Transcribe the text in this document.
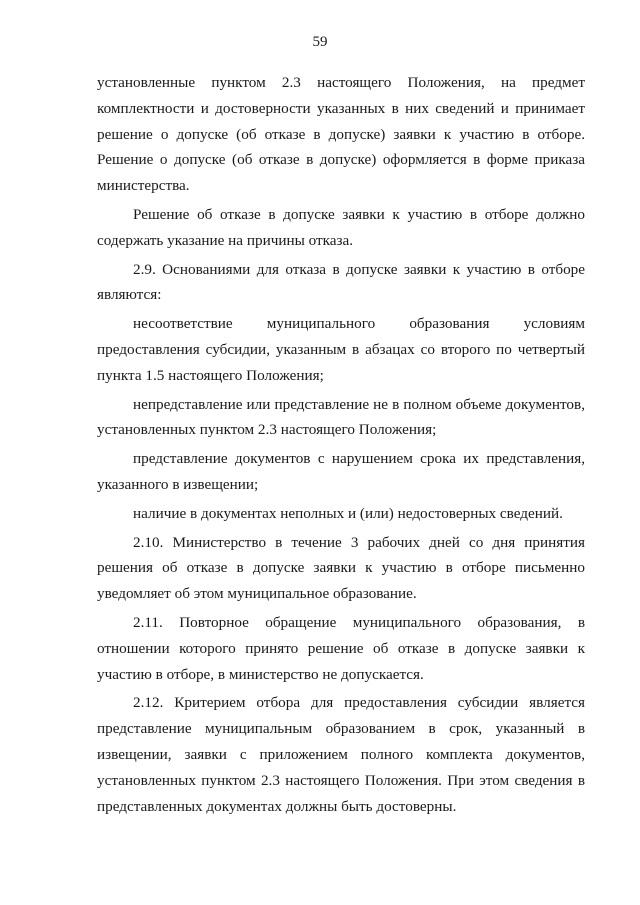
59

установленные пунктом 2.3 настоящего Положения, на предмет комплектности и достоверности указанных в них сведений и принимает решение о допуске (об отказе в допуске) заявки к участию в отборе. Решение о допуске (об отказе в допуске) оформляется в форме приказа министерства.

Решение об отказе в допуске заявки к участию в отборе должно содержать указание на причины отказа.

2.9. Основаниями для отказа в допуске заявки к участию в отборе являются:

несоответствие муниципального образования условиям предоставления субсидии, указанным в абзацах со второго по четвертый пункта 1.5 настоящего Положения;

непредставление или представление не в полном объеме документов, установленных пунктом 2.3 настоящего Положения;

представление документов с нарушением срока их представления, указанного в извещении;

наличие в документах неполных и (или) недостоверных сведений.

2.10. Министерство в течение 3 рабочих дней со дня принятия решения об отказе в допуске заявки к участию в отборе письменно уведомляет об этом муниципальное образование.

2.11. Повторное обращение муниципального образования, в отношении которого принято решение об отказе в допуске заявки к участию в отборе, в министерство не допускается.

2.12. Критерием отбора для предоставления субсидии является представление муниципальным образованием в срок, указанный в извещении, заявки с приложением полного комплекта документов, установленных пунктом 2.3 настоящего Положения. При этом сведения в представленных документах должны быть достоверны.
